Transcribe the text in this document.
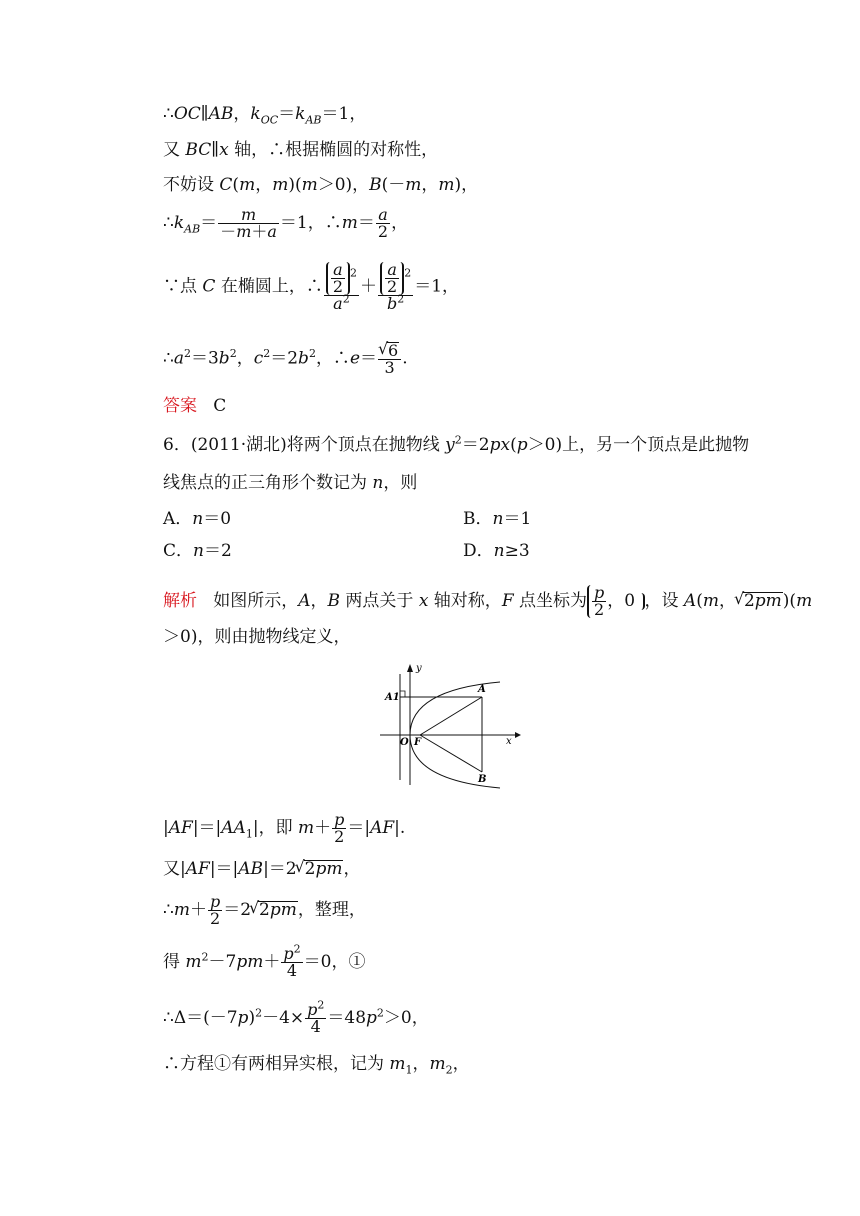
∴OC∥AB，$k_{OC}=k_{AB}=1$，
又 BC∥x 轴，∴根据椭圆的对称性，
不妨设 C(m，m)(m＞0)，B(－m，m)，
$\therefore k_{AB}= \frac{m}{-m+a} =1$，∴m＝ $\frac{a}{2}$ ，
∵点 C 在椭圆上，∴ $\frac{\frac{a}{2} ^2}{a^2} + \frac{\frac{a}{2} ^2}{b^2} =1$，
$\therefore a^2=3b^2$，$c^2=2b^2$，∴e＝
√ $\frac{6}{3}$ .
答案 C
6．(2011·湖北)将两个顶点在抛物线 $y^2=2px(p>0)$上，另一个顶点是此抛物
线焦点的正三角形个数记为 n，则
A．n＝0	B．n＝1
C．n＝2	D．n≥3
解析   如图所示，A，B 两点关于 x 轴对称，F 点坐标为 $\frac{p}{2}$ ，0 ，设 A(m，√ 2pm)(m
＞0)，则由抛物线定义，
y
x
A
B
A1
O F
$|AF|=|AA_1|$，即 $m+ \frac{p}{2} =|AF|$.
又|AF|＝|AB|＝2√ 2pm，
∴m＋ $\frac{p}{2} =2√$ 2pm，整理，
得 $m^2-7pm+ \frac{p^2}{4} =0$，①
$\therefore\Delta=(-7p)^2-4\times \frac{p^2}{4} =48p^2>0$，
∴方程①有两相异实根，记为 $m_1$，$m_2$，
